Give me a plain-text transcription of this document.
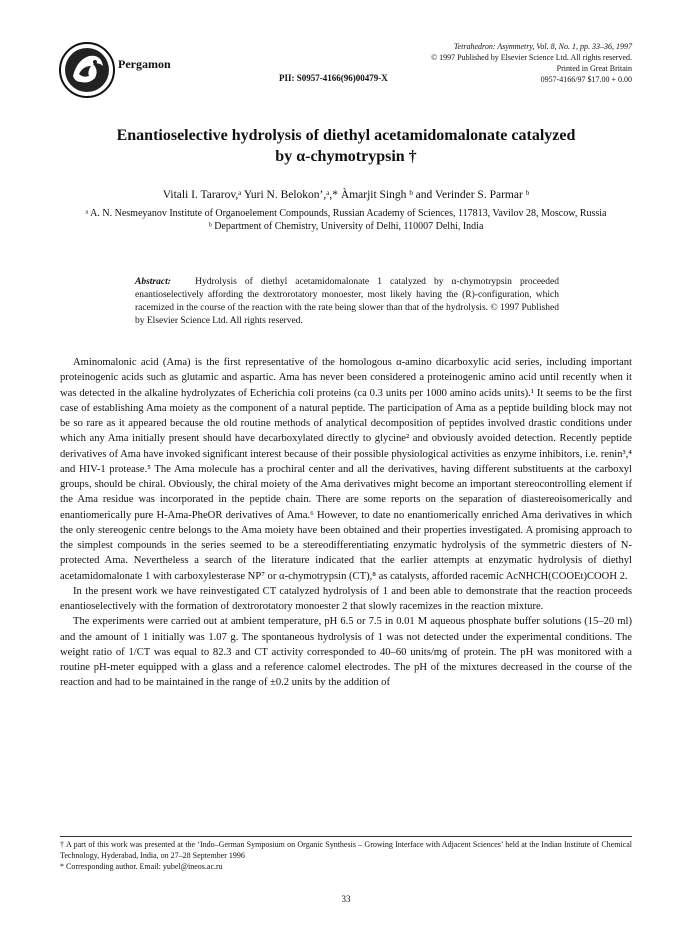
Pergamon
PII: S0957-4166(96)00479-X
Tetrahedron: Asymmetry, Vol. 8, No. 1, pp. 33–36, 1997
© 1997 Published by Elsevier Science Ltd. All rights reserved.
Printed in Great Britain
0957-4166/97 $17.00 + 0.00
Enantioselective hydrolysis of diethyl acetamidomalonate catalyzed
by α-chymotrypsin †
Vitali I. Tararov,ᵃ Yuri N. Belokon’,ᵃ,* Àmarjit Singh ᵇ and Verinder S. Parmar ᵇ
ᵃ A. N. Nesmeyanov Institute of Organoelement Compounds, Russian Academy of Sciences, 117813, Vavilov 28, Moscow, Russia
ᵇ Department of Chemistry, University of Delhi, 110007 Delhi, India
Abstract:	Hydrolysis of diethyl acetamidomalonate 1 catalyzed by α-chymotrypsin proceeded enantioselectively affording the dextrorotatory monoester, most likely having the (R)-configuration, which racemized in the course of the reaction with the rate being slower than that of the hydrolysis. © 1997 Published by Elsevier Science Ltd. All rights reserved.

Aminomalonic acid (Ama) is the first representative of the homologous α-amino dicarboxylic acid series, including important proteinogenic acids such as glutamic and aspartic. Ama has never been considered a proteinogenic amino acid until recently when it was detected in the alkaline hydrolyzates of Echerichia coli proteins (ca 0.3 units per 1000 amino acids units).¹ It seems to be the first case of establishing Ama moiety as the component of a natural peptide. The participation of Ama as a peptide building block may not be so rare as it appeared because the old routine methods of analytical decomposition of peptides involved drastic conditions under which any Ama initially present should have decarboxylated directly to glycine² and obviously avoided detection. Recently peptide derivatives of Ama have invoked significant interest because of their possible physiological activities as enzyme inhibitors, i.e. renin³,⁴ and HIV-1 protease.⁵ The Ama molecule has a prochiral center and all the derivatives, having different substituents at the carboxyl groups, should be chiral. Obviously, the chiral moiety of the Ama derivatives might become an important stereocontrolling element if the Ama residue was incorporated in the peptide chain. There are some reports on the separation of diastereoisomerically and enantiomerically pure H-Ama-PheOR derivatives of Ama.⁶ However, to date no enantiomerically enriched Ama derivatives in which the only stereogenic centre belongs to the Ama moiety have been obtained and their properties investigated. A promising approach to the simplest compounds in the series seemed to be a stereodifferentiating enzymatic hydrolysis of the symmetric diesters of N-protected Ama. Nevertheless a search of the literature indicated that the earlier attempts at enzymatic hydrolysis of diethyl acetamidomalonate 1 with carboxylesterase NP⁷ or α-chymotrypsin (CT),⁸ as catalysts, afforded racemic AcNHCH(COOEt)COOH 2.

In the present work we have reinvestigated CT catalyzed hydrolysis of 1 and been able to demonstrate that the reaction proceeds enantioselectively with the formation of dextrorotatory monoester 2 that slowly racemizes in the reaction mixture.

The experiments were carried out at ambient temperature, pH 6.5 or 7.5 in 0.01 M aqueous phosphate buffer solutions (15–20 ml) and the amount of 1 initially was 1.07 g. The spontaneous hydrolysis of 1 was not detected under the experimental conditions. The weight ratio of 1/CT was equal to 82.3 and CT activity corresponded to 40–60 units/mg of protein. The pH was monitored with a routine pH-meter equipped with a glass and a reference calomel electrodes. The pH of the mixtures decreased in the course of the reaction and had to be maintained in the range of ±0.2 units by the addition of

† A part of this work was presented at the ‘Indo–German Symposium on Organic Synthesis – Growing Interface with Adjacent Sciences’ held at the Indian Institute of Chemical Technology, Hyderabad, India, on 27–28 September 1996
* Corresponding author. Email: yubel@ineos.ac.ru
33
